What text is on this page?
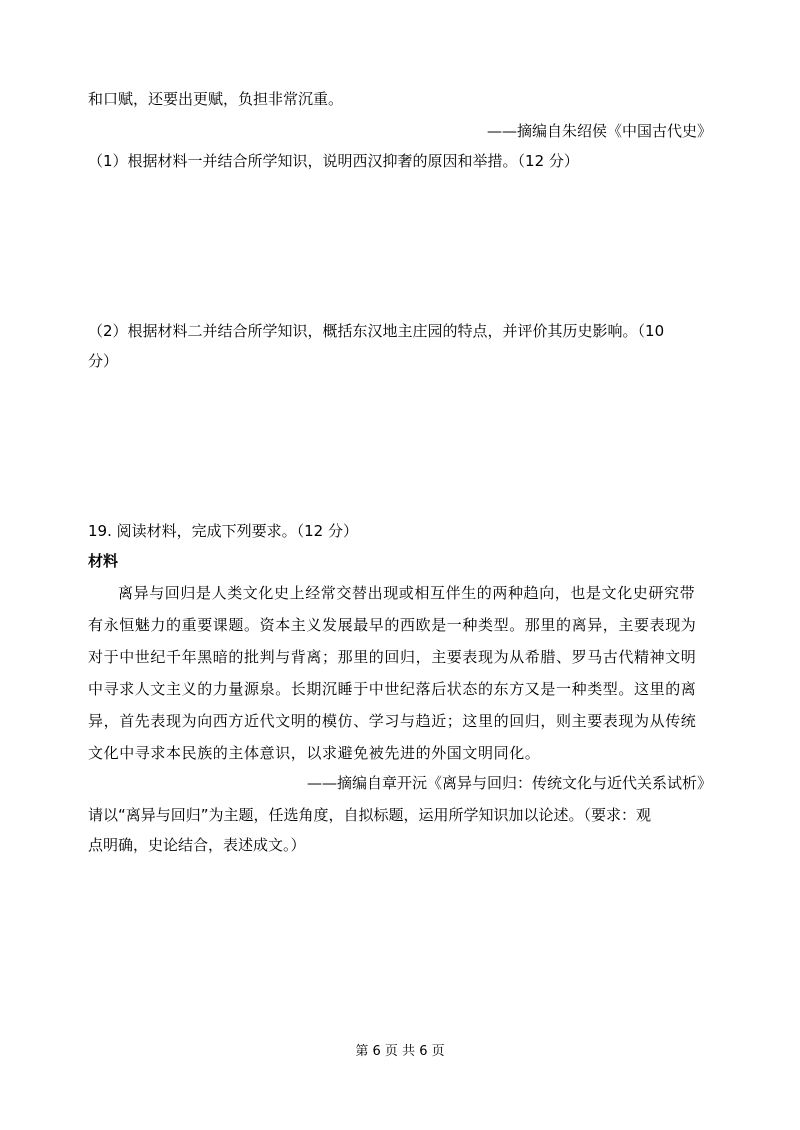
和口赋，还要出更赋，负担非常沉重。
——摘编自朱绍侯《中国古代史》
（1）根据材料一并结合所学知识，说明西汉抑奢的原因和举措。（12 分）
（2）根据材料二并结合所学知识，概括东汉地主庄园的特点，并评价其历史影响。（10
分）
19. 阅读材料，完成下列要求。（12 分）
材料
离异与回归是人类文化史上经常交替出现或相互伴生的两种趋向，也是文化史研究带
有永恒魅力的重要课题。资本主义发展最早的西欧是一种类型。那里的离异，主要表现为
对于中世纪千年黑暗的批判与背离；那里的回归，主要表现为从希腊、罗马古代精神文明
中寻求人文主义的力量源泉。长期沉睡于中世纪落后状态的东方又是一种类型。这里的离
异，首先表现为向西方近代文明的模仿、学习与趋近；这里的回归，则主要表现为从传统
文化中寻求本民族的主体意识，以求避免被先进的外国文明同化。
——摘编自章开沅《离异与回归：传统文化与近代关系试析》
请以“离异与回归”为主题，任选角度，自拟标题，运用所学知识加以论述。（要求：观
点明确，史论结合，表述成文。）
第 6 页 共 6 页
